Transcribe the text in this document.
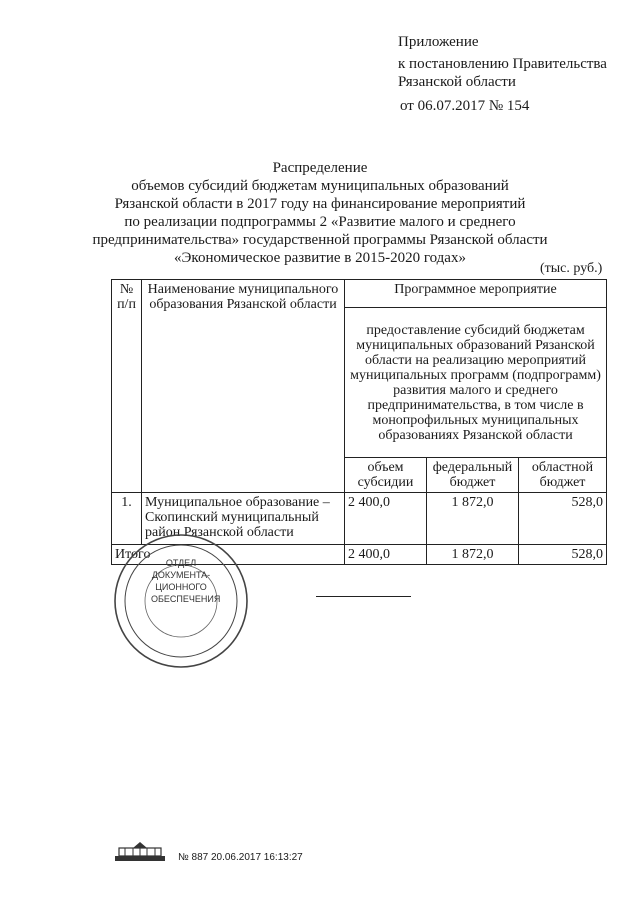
Приложение
к постановлению Правительства
Рязанской области
от 06.07.2017 № 154
Распределение
объемов субсидий бюджетам муниципальных образований
Рязанской области в 2017 году на финансирование мероприятий
по реализации подпрограммы 2 «Развитие малого и среднего
предпринимательства» государственной программы Рязанской области
«Экономическое развитие в 2015-2020 годах»
(тыс. руб.)
№ п/п	Наименование муниципального образования Рязанской области	Программное мероприятие		
		предоставление субсидий бюджетам муниципальных образований Рязанской области на реализацию мероприятий муниципальных программ (подпрограмм) развития малого и среднего предпринимательства, в том числе в монопрофильных муниципальных образованиях Рязанской области		
		объем субсидии	федеральный бюджет	областной бюджет
1.	Муниципальное образование – Скопинский муниципальный район Рязанской области	2 400,0	1 872,0	528,0
Итого		2 400,0	1 872,0	528,0
ОТДЕЛ
ДОКУМЕНТА-
ЦИОННОГО
ОБЕСПЕЧЕНИЯ
№ 887 20.06.2017 16:13:27
